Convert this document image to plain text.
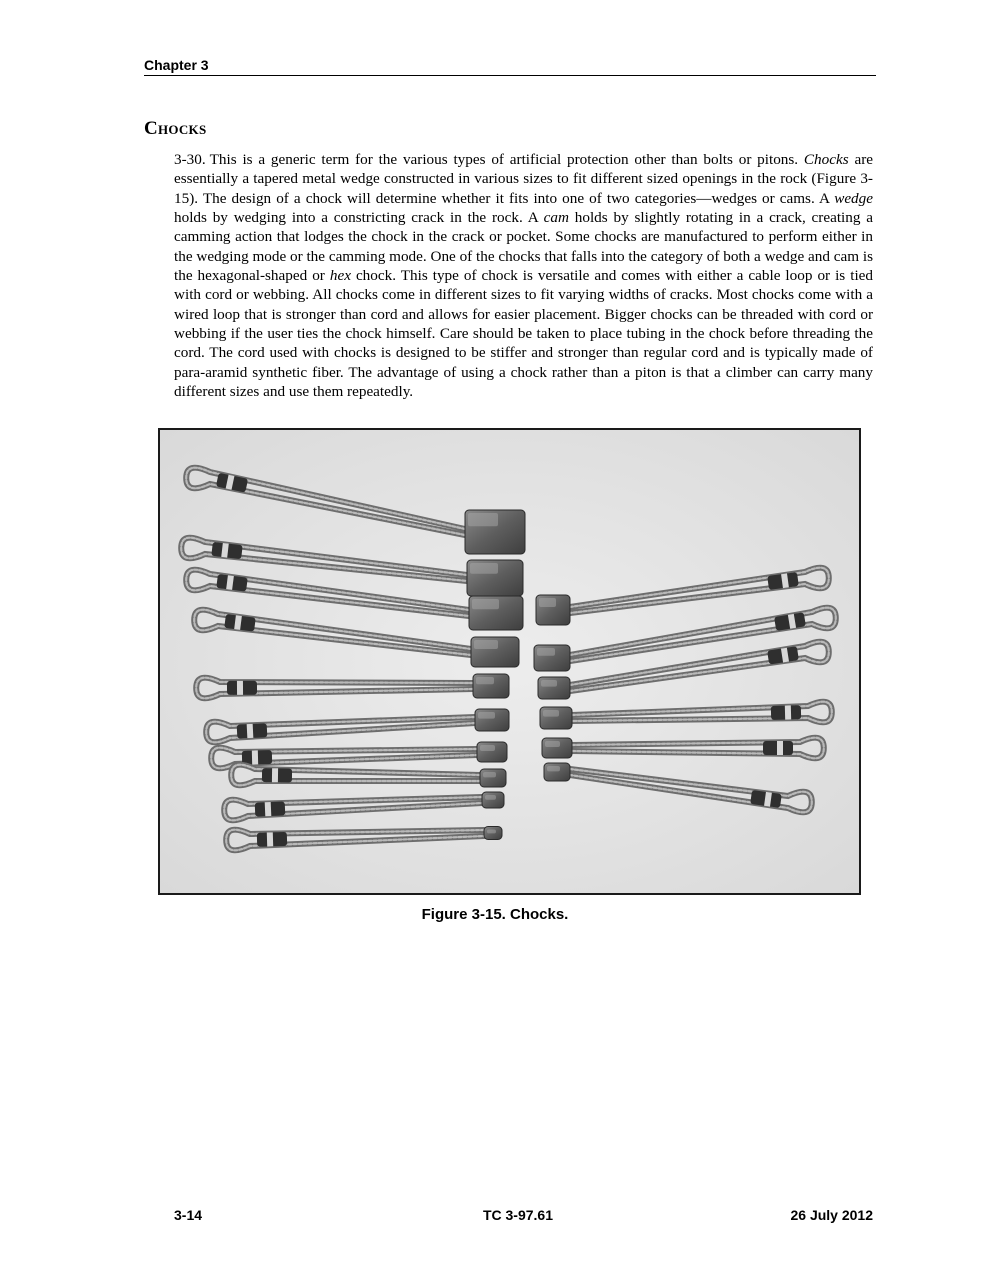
Chapter 3
Chocks

3-30. This is a generic term for the various types of artificial protection other than bolts or pitons. Chocks are essentially a tapered metal wedge constructed in various sizes to fit different sized openings in the rock (Figure 3-15). The design of a chock will determine whether it fits into one of two categories—wedges or cams. A wedge holds by wedging into a constricting crack in the rock. A cam holds by slightly rotating in a crack, creating a camming action that lodges the chock in the crack or pocket. Some chocks are manufactured to perform either in the wedging mode or the camming mode. One of the chocks that falls into the category of both a wedge and cam is the hexagonal-shaped or hex chock. This type of chock is versatile and comes with either a cable loop or is tied with cord or webbing. All chocks come in different sizes to fit varying widths of cracks. Most chocks come with a wired loop that is stronger than cord and allows for easier placement. Bigger chocks can be threaded with cord or webbing if the user ties the chock himself. Care should be taken to place tubing in the chock before threading the cord. The cord used with chocks is designed to be stiffer and stronger than regular cord and is typically made of para-aramid synthetic fiber. The advantage of using a chock rather than a piton is that a climber can carry many different sizes and use them repeatedly.

Figure 3-15. Chocks.
3-14	TC 3-97.61	26 July 2012
